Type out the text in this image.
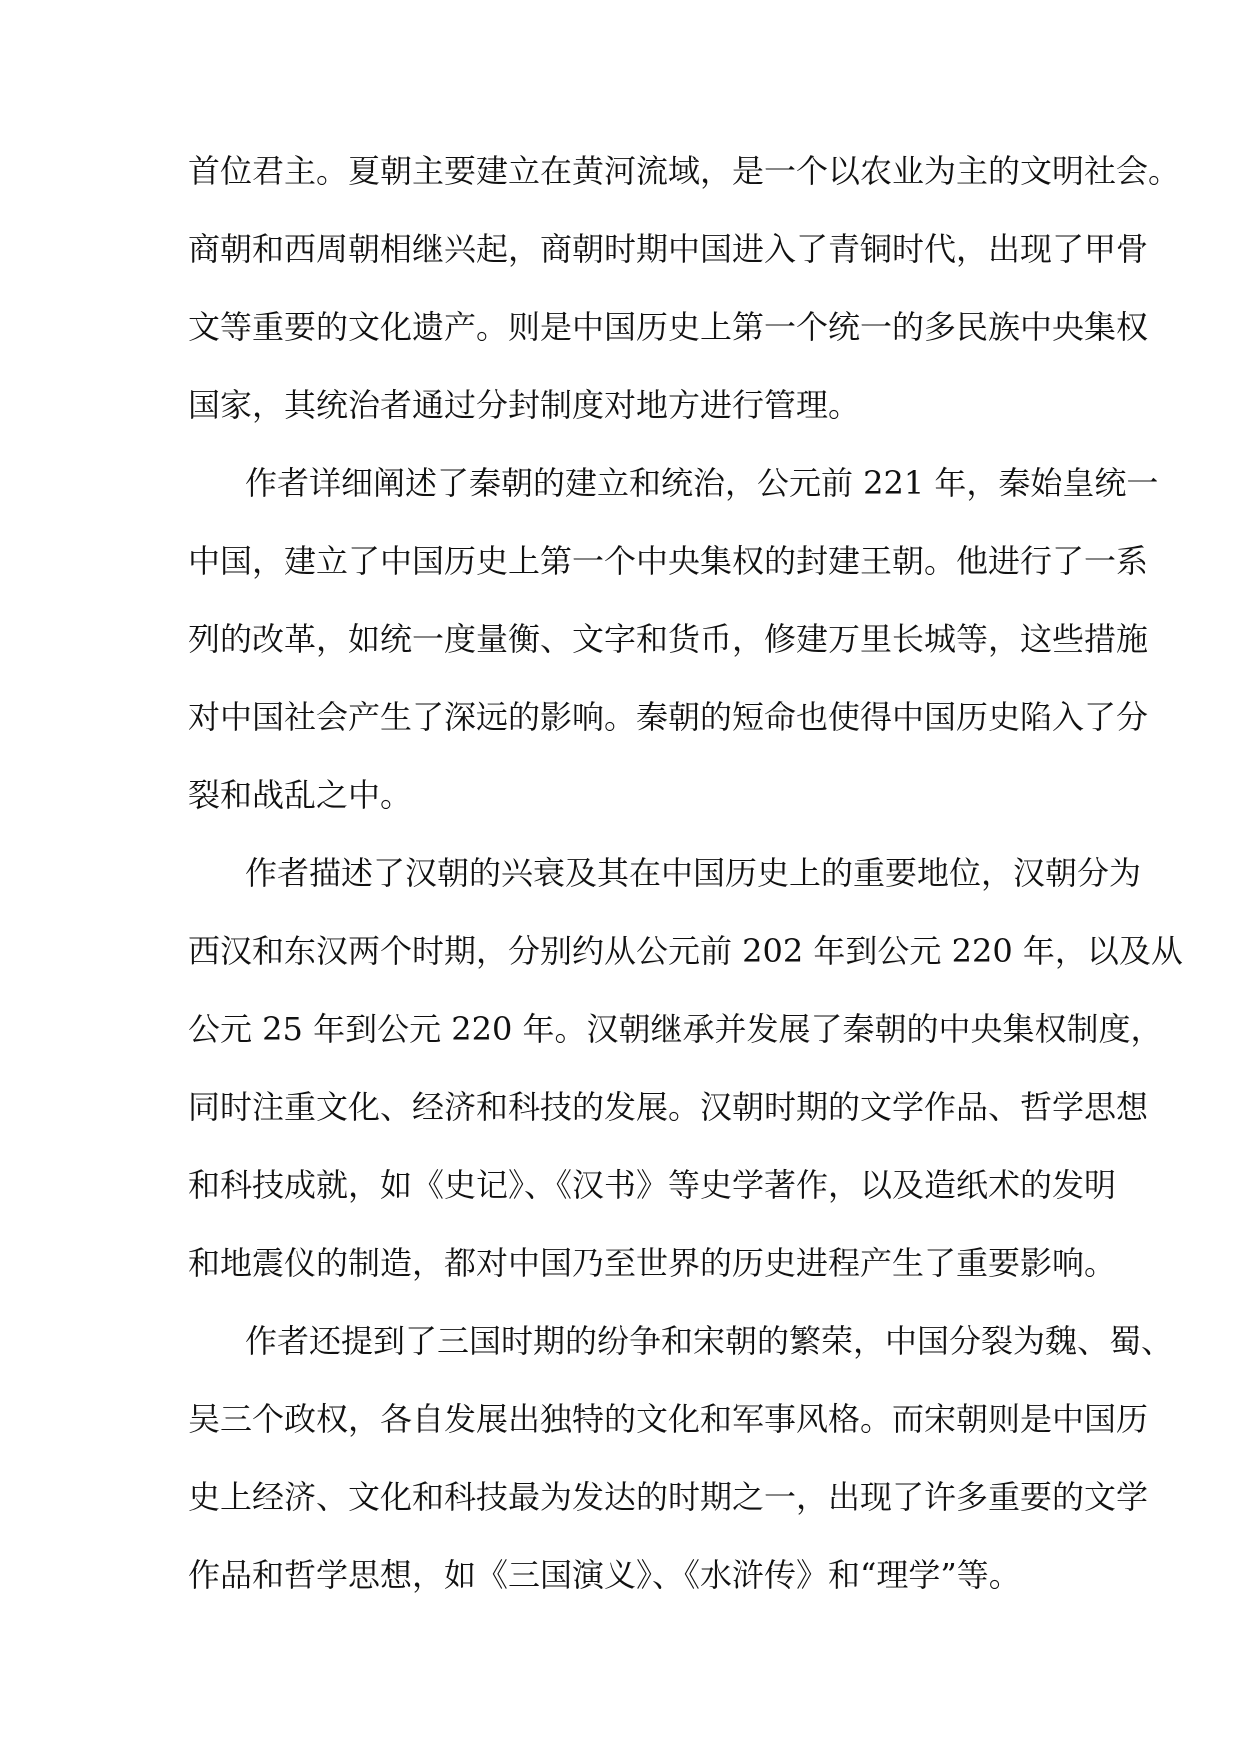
首位君主。夏朝主要建立在黄河流域，是一个以农业为主的文明社会。
商朝和西周朝相继兴起，商朝时期中国进入了青铜时代，出现了甲骨
文等重要的文化遗产。则是中国历史上第一个统一的多民族中央集权
国家，其统治者通过分封制度对地方进行管理。
作者详细阐述了秦朝的建立和统治，公元前 221 年，秦始皇统一
中国，建立了中国历史上第一个中央集权的封建王朝。他进行了一系
列的改革，如统一度量衡、文字和货币，修建万里长城等，这些措施
对中国社会产生了深远的影响。秦朝的短命也使得中国历史陷入了分
裂和战乱之中。
作者描述了汉朝的兴衰及其在中国历史上的重要地位，汉朝分为
西汉和东汉两个时期，分别约从公元前 202 年到公元 220 年，以及从
公元 25 年到公元 220 年。汉朝继承并发展了秦朝的中央集权制度，
同时注重文化、经济和科技的发展。汉朝时期的文学作品、哲学思想
和科技成就，如《史记》、《汉书》等史学著作，以及造纸术的发明
和地震仪的制造，都对中国乃至世界的历史进程产生了重要影响。
作者还提到了三国时期的纷争和宋朝的繁荣，中国分裂为魏、蜀、
吴三个政权，各自发展出独特的文化和军事风格。而宋朝则是中国历
史上经济、文化和科技最为发达的时期之一，出现了许多重要的文学
作品和哲学思想，如《三国演义》、《水浒传》和“理学”等。
